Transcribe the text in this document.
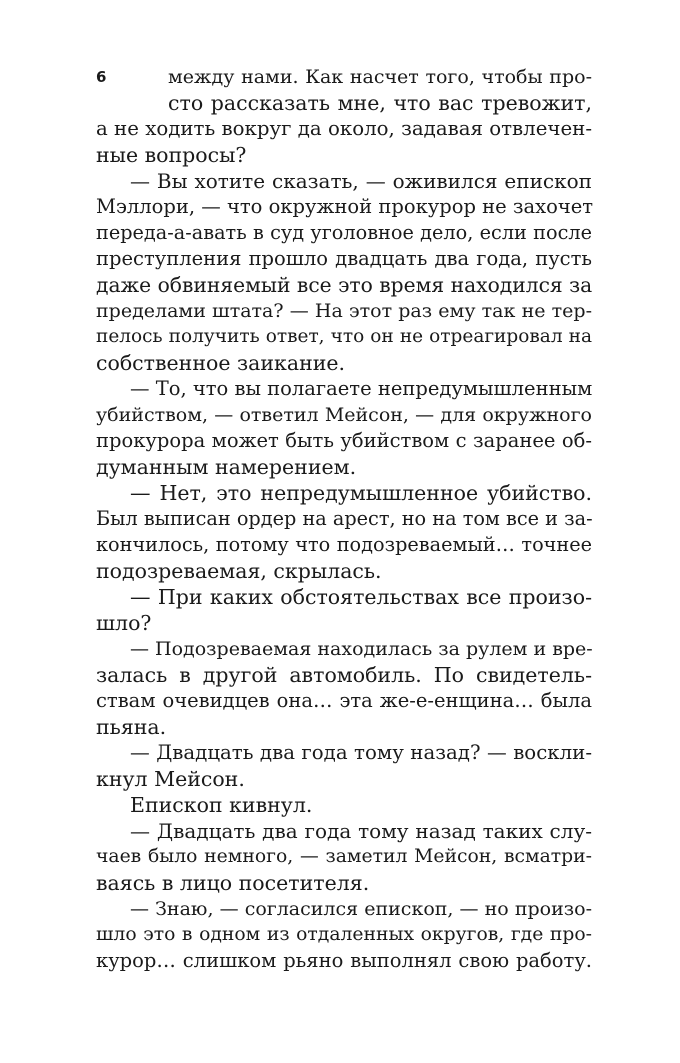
6	между нами. Как насчет того, чтобы про-
сто рассказать мне, что вас тревожит,
а не ходить вокруг да около, задавая отвлечен-
ные вопросы?
— Вы хотите сказать, — оживился епископ
Мэллори, — что окружной прокурор не захочет
переда-а-авать в суд уголовное дело, если после
преступления прошло двадцать два года, пусть
даже обвиняемый все это время находился за
пределами штата? — На этот раз ему так не тер-
пелось получить ответ, что он не отреагировал на
собственное заикание.
— То, что вы полагаете непредумышленным
убийством, — ответил Мейсон, — для окружного
прокурора может быть убийством с заранее об-
думанным намерением.
— Нет, это непредумышленное убийство.
Был выписан ордер на арест, но на том все и за-
кончилось, потому что подозреваемый… точнее
подозреваемая, скрылась.
— При каких обстоятельствах все произо-
шло?
— Подозреваемая находилась за рулем и вре-
залась в другой автомобиль. По свидетель-
ствам очевидцев она… эта же-е-енщина… была
пьяна.
— Двадцать два года тому назад? — воскли-
кнул Мейсон.
Епископ кивнул.
— Двадцать два года тому назад таких слу-
чаев было немного, — заметил Мейсон, всматри-
ваясь в лицо посетителя.
— Знаю, — согласился епископ, — но произо-
шло это в одном из отдаленных округов, где про-
курор… слишком рьяно выполнял свою работу.
